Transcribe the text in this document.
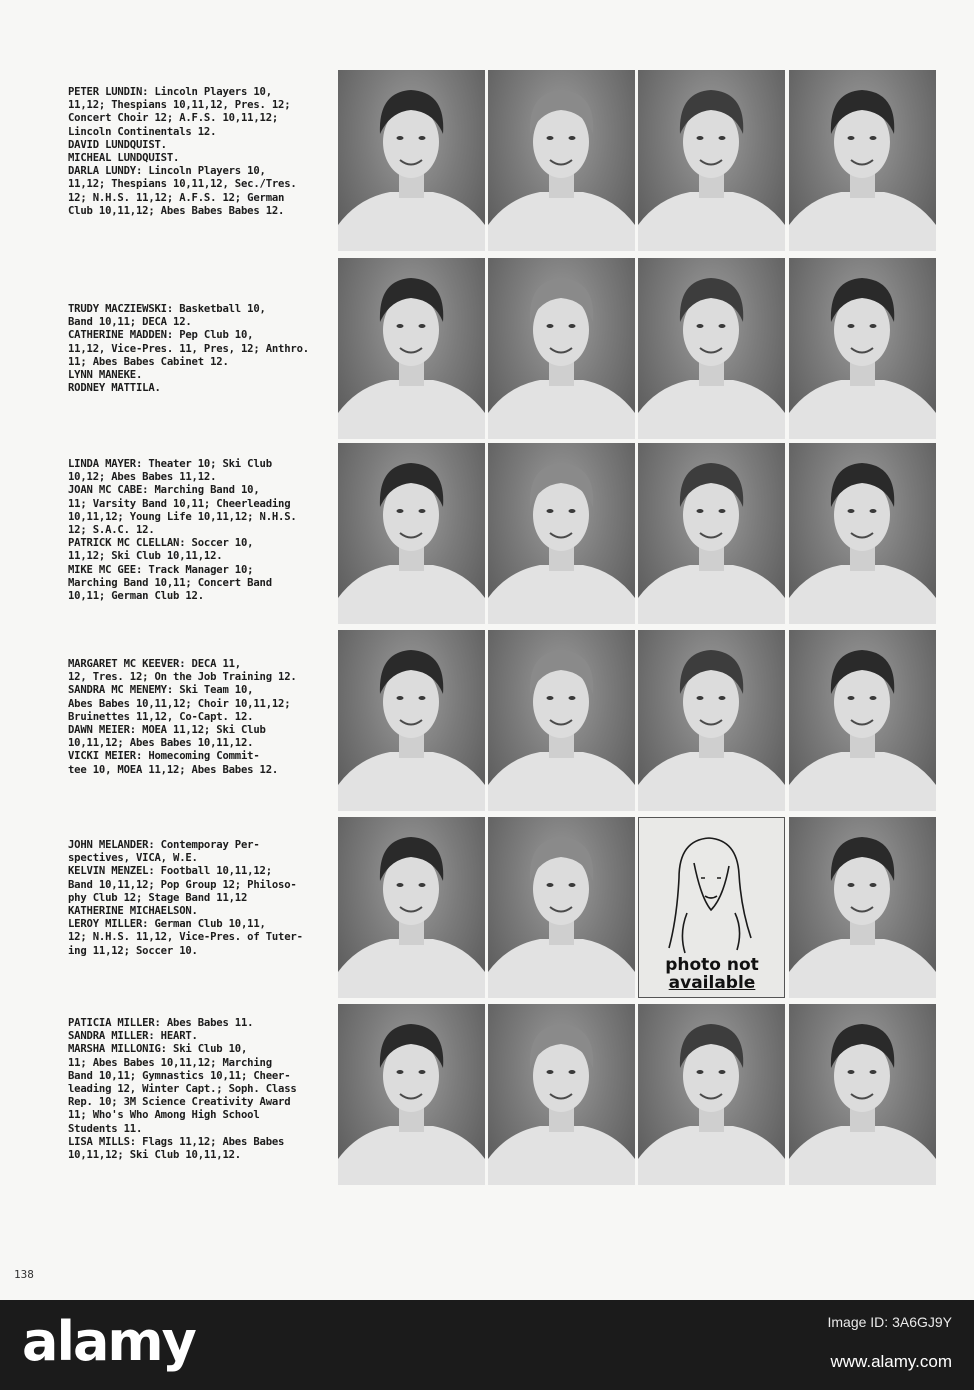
PETER LUNDIN: Lincoln Players 10,
11,12; Thespians 10,11,12, Pres. 12;
Concert Choir 12; A.F.S. 10,11,12;
Lincoln Continentals 12.
DAVID LUNDQUIST.
MICHEAL LUNDQUIST.
DARLA LUNDY: Lincoln Players 10,
11,12; Thespians 10,11,12, Sec./Tres.
12; N.H.S. 11,12; A.F.S. 12; German
Club 10,11,12; Abes Babes Babes 12.
TRUDY MACZIEWSKI: Basketball 10,
Band 10,11; DECA 12.
CATHERINE MADDEN: Pep Club 10,
11,12, Vice-Pres. 11, Pres, 12; Anthro.
11; Abes Babes Cabinet 12.
LYNN MANEKE.
RODNEY MATTILA.
LINDA MAYER: Theater 10; Ski Club
10,12; Abes Babes 11,12.
JOAN MC CABE: Marching Band 10,
11; Varsity Band 10,11; Cheerleading
10,11,12; Young Life 10,11,12; N.H.S.
12; S.A.C. 12.
PATRICK MC CLELLAN: Soccer 10,
11,12; Ski Club 10,11,12.
MIKE MC GEE: Track Manager 10;
Marching Band 10,11; Concert Band
10,11; German Club 12.
MARGARET MC KEEVER: DECA 11,
12, Tres. 12; On the Job Training 12.
SANDRA MC MENEMY: Ski Team 10,
Abes Babes 10,11,12; Choir 10,11,12;
Bruinettes 11,12, Co-Capt. 12.
DAWN MEIER: MOEA 11,12; Ski Club
10,11,12; Abes Babes 10,11,12.
VICKI MEIER: Homecoming Commit-
tee 10, MOEA 11,12; Abes Babes 12.
JOHN MELANDER: Contemporay Per-
spectives, VICA, W.E.
KELVIN MENZEL: Football 10,11,12;
Band 10,11,12; Pop Group 12; Philoso-
phy Club 12; Stage Band 11,12
KATHERINE MICHAELSON.
LEROY MILLER: German Club 10,11,
12; N.H.S. 11,12, Vice-Pres. of Tuter-
ing 11,12; Soccer 10.
PATICIA MILLER: Abes Babes 11.
SANDRA MILLER: HEART.
MARSHA MILLONIG: Ski Club 10,
11; Abes Babes 10,11,12; Marching
Band 10,11; Gymnastics 10,11; Cheer-
leading 12, Winter Capt.; Soph. Class
Rep. 10; 3M Science Creativity Award
11; Who's Who Among High School
Students 11.
LISA MILLS: Flags 11,12; Abes Babes
10,11,12; Ski Club 10,11,12.
photo not
available
138
alamy	Image ID: 3A6GJ9Y
www.alamy.com
